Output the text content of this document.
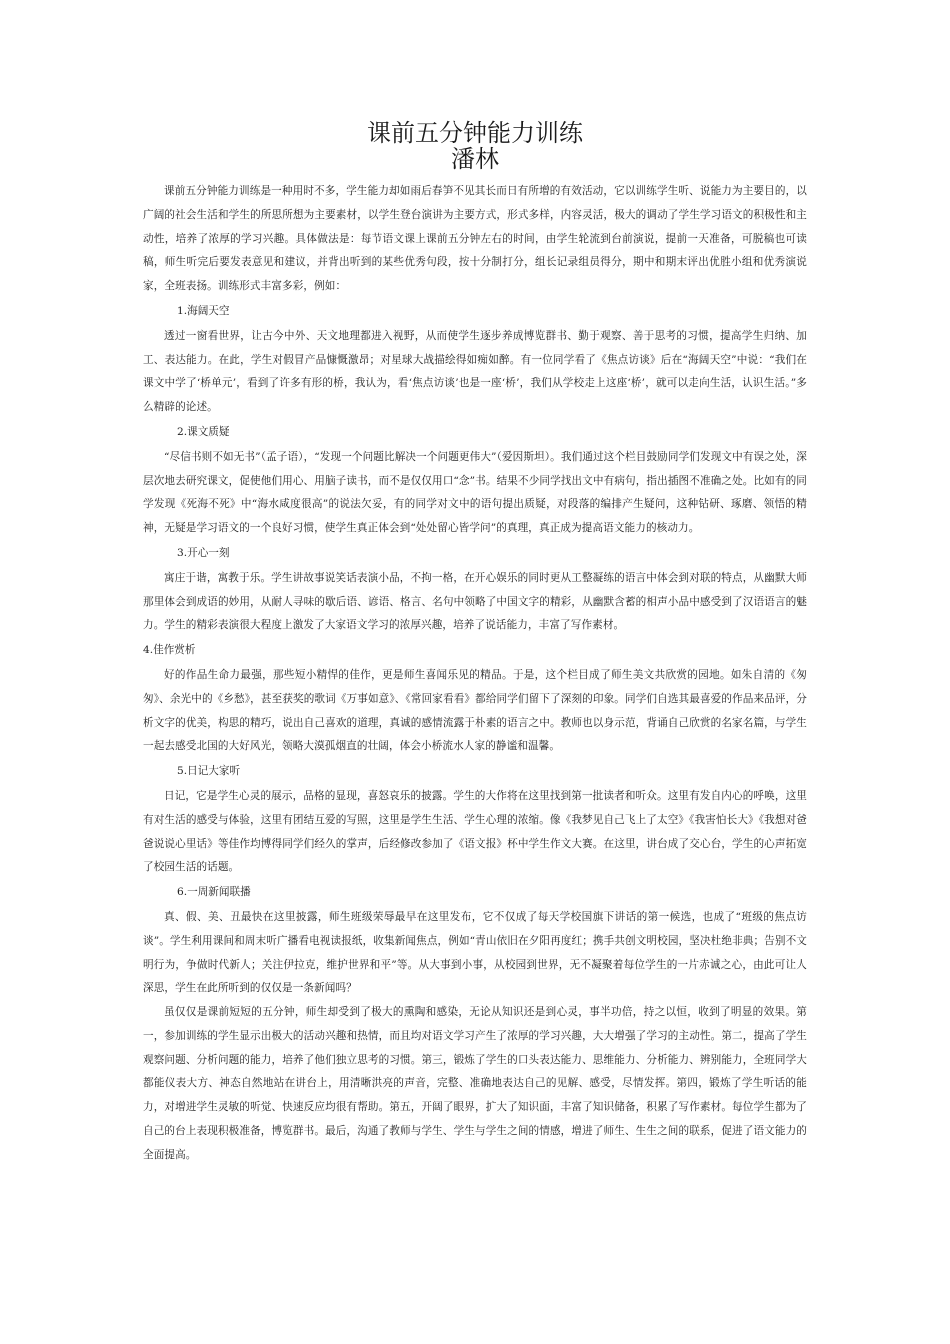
课前五分钟能力训练
潘林

课前五分钟能力训练是一种用时不多，学生能力却如雨后春笋不见其长而日有所增的有效活动，它以训练学生听、说能力为主要目的，以广阔的社会生活和学生的所思所想为主要素材，以学生登台演讲为主要方式，形式多样，内容灵活，极大的调动了学生学习语文的积极性和主动性，培养了浓厚的学习兴趣。具体做法是：每节语文课上课前五分钟左右的时间，由学生轮流到台前演说，提前一天准备，可脱稿也可读稿，师生听完后要发表意见和建议，并背出听到的某些优秀句段，按十分制打分，组长记录组员得分，期中和期末评出优胜小组和优秀演说家，全班表扬。训练形式丰富多彩，例如：

1.海阔天空

透过一窗看世界，让古今中外、天文地理都进入视野，从而使学生逐步养成博览群书、勤于观察、善于思考的习惯，提高学生归纳、加工、表达能力。在此，学生对假冒产品慷慨激昂；对星球大战描绘得如痴如醉。有一位同学看了《焦点访谈》后在“海阔天空”中说：“我们在课文中学了‘桥单元’，看到了许多有形的桥，我认为，看‘焦点访谈’也是一座‘桥’，我们从学校走上这座‘桥’，就可以走向生活，认识生活。”多么精辟的论述。

2.课文质疑

“尽信书则不如无书”（孟子语），“发现一个问题比解决一个问题更伟大”（爱因斯坦）。我们通过这个栏目鼓励同学们发现文中有误之处，深层次地去研究课文，促使他们用心、用脑子读书，而不是仅仅用口“念”书。结果不少同学找出文中有病句，指出插图不准确之处。比如有的同学发现《死海不死》中“海水咸度很高”的说法欠妥，有的同学对文中的语句提出质疑，对段落的编排产生疑问，这种钻研、琢磨、领悟的精神，无疑是学习语文的一个良好习惯，使学生真正体会到“处处留心皆学问”的真理，真正成为提高语文能力的核动力。

3.开心一刻

寓庄于谐，寓教于乐。学生讲故事说笑话表演小品，不拘一格，在开心娱乐的同时更从工整凝练的语言中体会到对联的特点，从幽默大师那里体会到成语的妙用，从耐人寻味的歇后语、谚语、格言、名句中领略了中国文字的精彩，从幽默含蓄的相声小品中感受到了汉语语言的魅力。学生的精彩表演很大程度上激发了大家语文学习的浓厚兴趣，培养了说话能力，丰富了写作素材。

4.佳作赏析

好的作品生命力最强，那些短小精悍的佳作，更是师生喜闻乐见的精品。于是，这个栏目成了师生美文共欣赏的园地。如朱自清的《匆匆》、余光中的《乡愁》，甚至获奖的歌词《万事如意》、《常回家看看》都给同学们留下了深刻的印象。同学们自选其最喜爱的作品来品评，分析文字的优美，构思的精巧，说出自己喜欢的道理，真诚的感情流露于朴素的语言之中。教师也以身示范，背诵自己欣赏的名家名篇，与学生一起去感受北国的大好风光，领略大漠孤烟直的壮阔，体会小桥流水人家的静谧和温馨。

5.日记大家听

日记，它是学生心灵的展示，品格的显现，喜怒哀乐的披露。学生的大作将在这里找到第一批读者和听众。这里有发自内心的呼唤，这里有对生活的感受与体验，这里有团结互爱的写照，这里是学生生活、学生心理的浓缩。像《我梦见自己飞上了太空》《我害怕长大》《我想对爸爸说说心里话》等佳作均博得同学们经久的掌声，后经修改参加了《语文报》杯中学生作文大赛。在这里，讲台成了交心台，学生的心声拓宽了校园生活的话题。

6.一周新闻联播

真、假、美、丑最快在这里披露，师生班级荣辱最早在这里发布，它不仅成了每天学校国旗下讲话的第一候选，也成了“班级的焦点访谈”。学生利用课间和周末听广播看电视读报纸，收集新闻焦点，例如“青山依旧在夕阳再度红；携手共创文明校园，坚决杜绝非典；告别不文明行为，争做时代新人；关注伊拉克，维护世界和平”等。从大事到小事，从校园到世界，无不凝聚着每位学生的一片赤诚之心，由此可让人深思，学生在此所听到的仅仅是一条新闻吗？

虽仅仅是课前短短的五分钟，师生却受到了极大的熏陶和感染，无论从知识还是到心灵，事半功倍，持之以恒，收到了明显的效果。第一，参加训练的学生显示出极大的活动兴趣和热情，而且均对语文学习产生了浓厚的学习兴趣，大大增强了学习的主动性。第二，提高了学生观察问题、分析问题的能力，培养了他们独立思考的习惯。第三，锻炼了学生的口头表达能力、思维能力、分析能力、辨别能力，全班同学大都能仪表大方、神态自然地站在讲台上，用清晰洪亮的声音，完整、准确地表达自己的见解、感受，尽情发挥。第四，锻炼了学生听话的能力，对增进学生灵敏的听觉、快速反应均很有帮助。第五，开阔了眼界，扩大了知识面，丰富了知识储备，积累了写作素材。每位学生都为了自己的台上表现积极准备，博览群书。最后，沟通了教师与学生、学生与学生之间的情感，增进了师生、生生之间的联系，促进了语文能力的全面提高。
